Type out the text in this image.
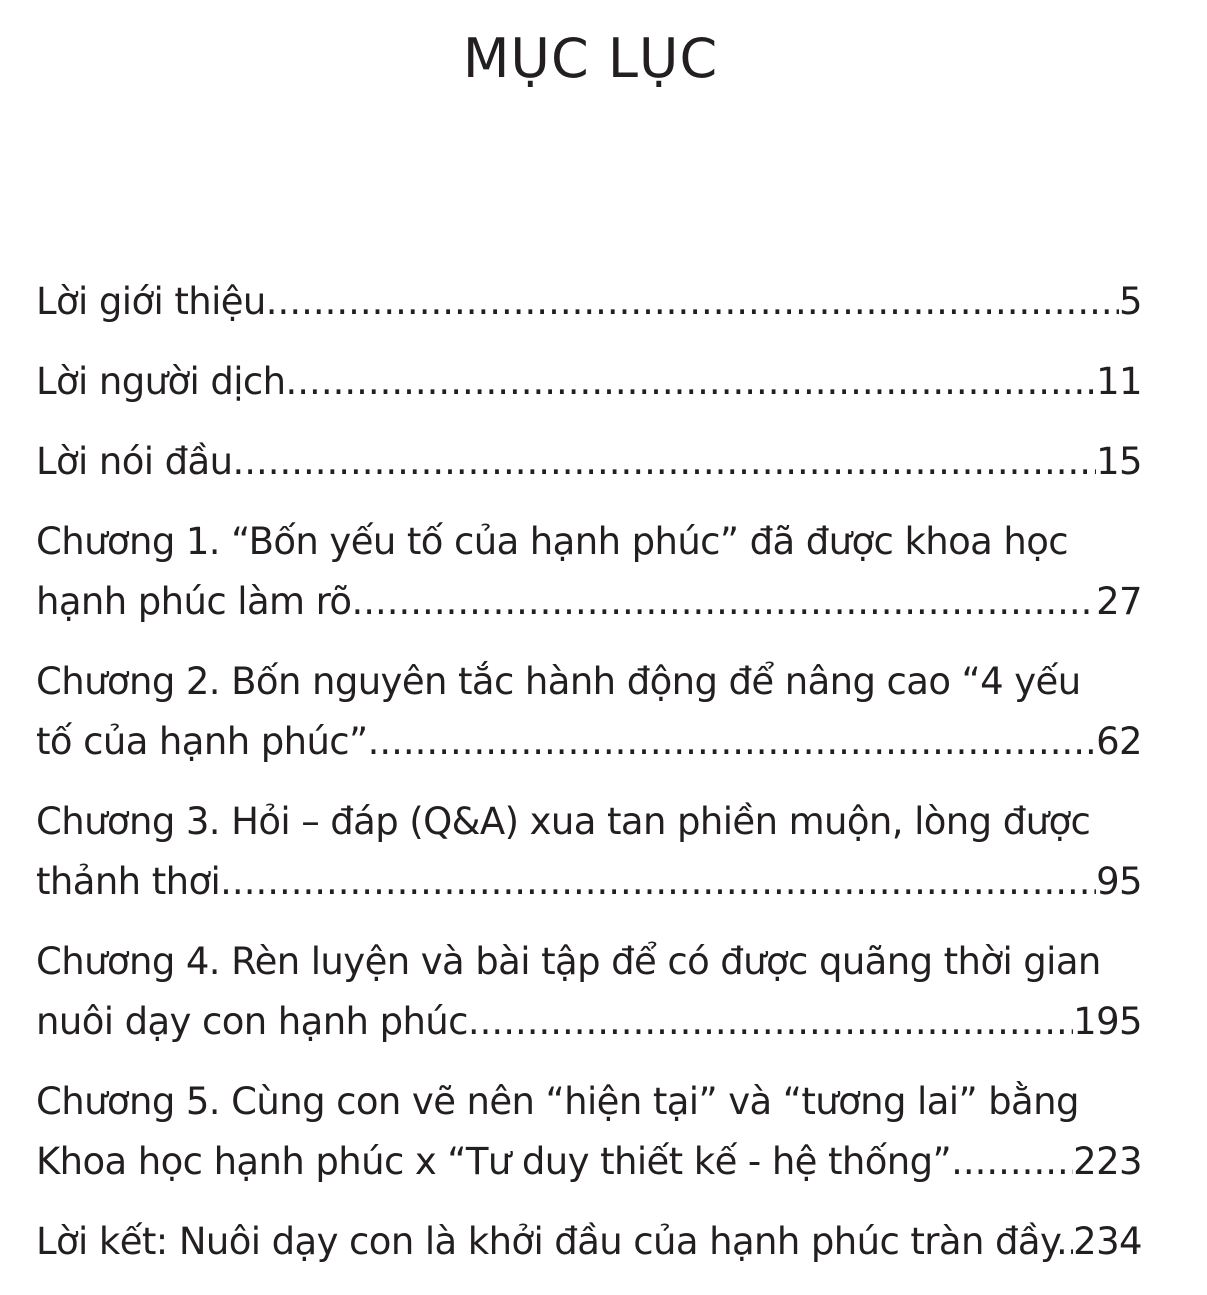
MỤC LỤC
Lời giới thiệu .....	5
Lời người dịch .....	11
Lời nói đầu .....	15
Chương 1. “Bốn yếu tố của hạnh phúc” đã được khoa học
hạnh phúc làm rõ .....	27
Chương 2. Bốn nguyên tắc hành động để nâng cao “4 yếu
tố của hạnh phúc” .....	62
Chương 3. Hỏi – đáp (Q&A) xua tan phiền muộn, lòng được
thảnh thơi .....	95
Chương 4. Rèn luyện và bài tập để có được quãng thời gian
nuôi dạy con hạnh phúc .....	195
Chương 5. Cùng con vẽ nên “hiện tại” và “tương lai” bằng
Khoa học hạnh phúc x “Tư duy thiết kế - hệ thống” .....	223
Lời kết: Nuôi dạy con là khởi đầu của hạnh phúc tràn đầy. ..... 234
